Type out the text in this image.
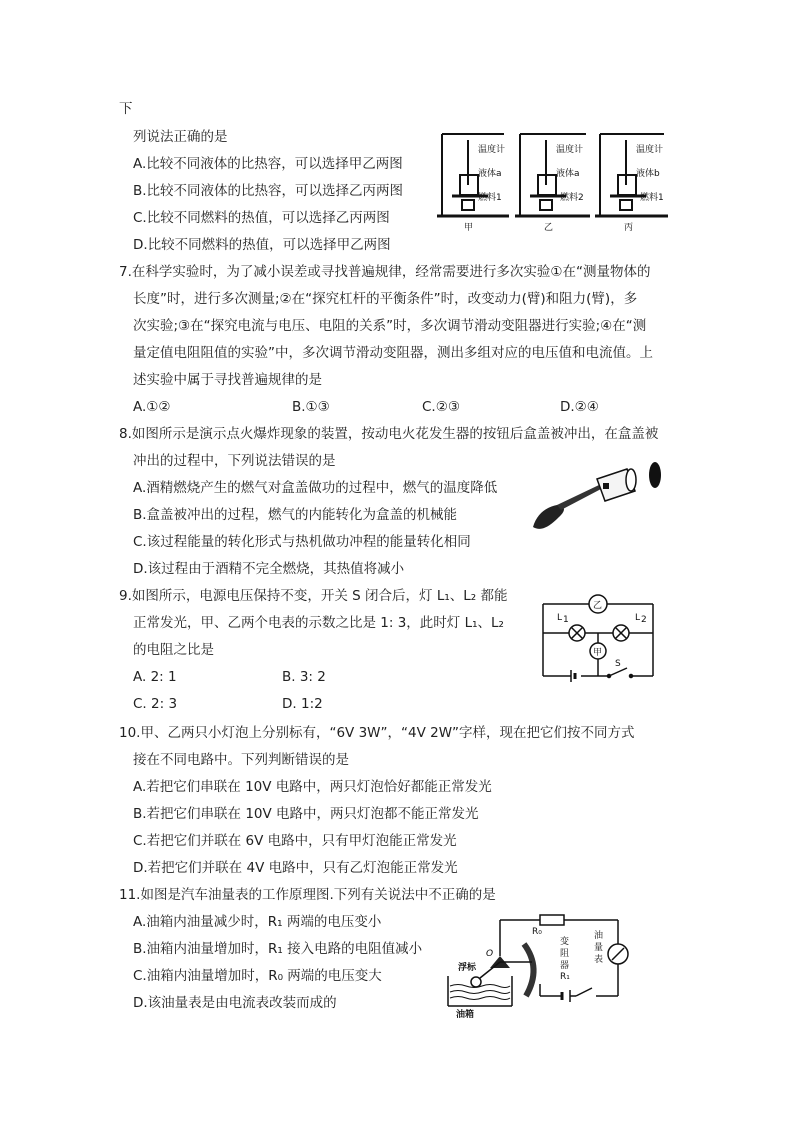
下
列说法正确的是
A.比较不同液体的比热容，可以选择甲乙两图
B.比较不同液体的比热容，可以选择乙丙两图
C.比较不同燃料的热值，可以选择乙丙两图
D.比较不同燃料的热值，可以选择甲乙两图
温度计
液体a
燃料1
温度计
液体a
燃料2
温度计
液体b
燃料1
甲	乙	丙
7.在科学实验时，为了减小误差或寻找普遍规律，经常需要进行多次实验①在“测量物体的
长度”时，进行多次测量;②在“探究杠杆的平衡条件”时，改变动力(臂)和阻力(臂)，多
次实验;③在“探究电流与电压、电阻的关系”时，多次调节滑动变阻器进行实验;④在“测
量定值电阻阻值的实验”中，多次调节滑动变阻器，测出多组对应的电压值和电流值。上
述实验中属于寻找普遍规律的是
A.①②	B.①③	C.②③	D.②④
8.如图所示是演示点火爆炸现象的装置，按动电火花发生器的按钮后盒盖被冲出，在盒盖被
冲出的过程中，下列说法错误的是
A.酒精燃烧产生的燃气对盒盖做功的过程中，燃气的温度降低
B.盒盖被冲出的过程，燃气的内能转化为盒盖的机械能
C.该过程能量的转化形式与热机做功冲程的能量转化相同
D.该过程由于酒精不完全燃烧，其热值将减小
9.如图所示，电源电压保持不变，开关 S 闭合后，灯 L₁、L₂ 都能
正常发光，甲、乙两个电表的示数之比是 1: 3，此时灯 L₁、L₂
的电阻之比是
A. 2: 1	B. 3: 2
C. 2: 3	D. 1:2
S
乙
L 1	L 2
甲
10.甲、乙两只小灯泡上分别标有，“6V 3W”，“4V 2W”字样，现在把它们按不同方式
接在不同电路中。下列判断错误的是
A.若把它们串联在 10V 电路中，两只灯泡恰好都能正常发光
B.若把它们串联在 10V 电路中，两只灯泡都不能正常发光
C.若把它们并联在 6V 电路中，只有甲灯泡能正常发光
D.若把它们并联在 4V 电路中，只有乙灯泡能正常发光
11.如图是汽车油量表的工作原理图.下列有关说法中不正确的是
A.油箱内油量减少时，R₁ 两端的电压变小
B.油箱内油量增加时，R₁ 接入电路的电阻值减小
C.油箱内油量增加时，R₀ 两端的电压变大
D.该油量表是由电流表改装而成的
R₀
变
阻
器
R₁
油
量
表
O
浮标
油箱
